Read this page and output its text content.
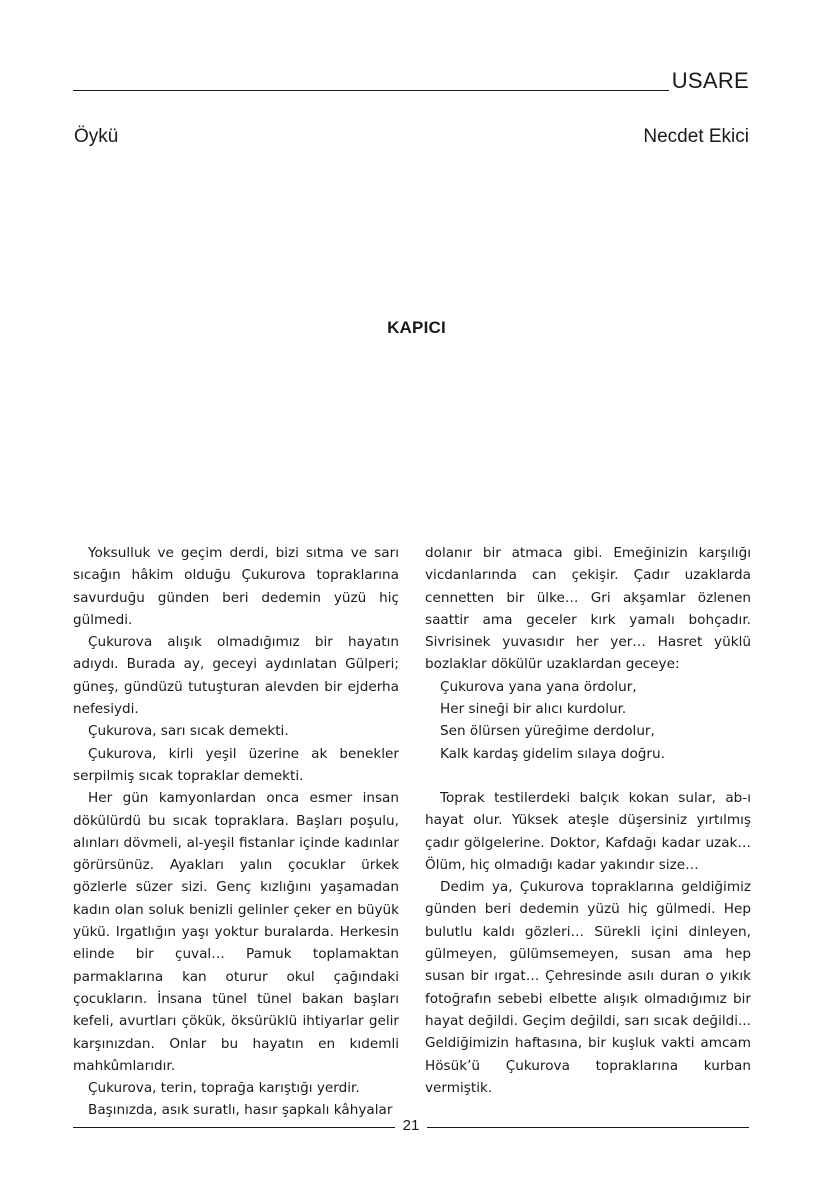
USARE
Öykü	Necdet Ekici
KAPICI

Yoksulluk ve geçim derdi, bizi sıtma ve sarı sıcağın hâkim olduğu Çukurova topraklarına savurduğu günden beri dedemin yüzü hiç gülmedi.

Çukurova alışık olmadığımız bir hayatın adıydı. Burada ay, geceyi aydınlatan Gülperi; güneş, gündüzü tutuşturan alevden bir ejderha nefesiydi.

Çukurova, sarı sıcak demekti.

Çukurova, kirli yeşil üzerine ak benekler serpilmiş sıcak topraklar demekti.

Her gün kamyonlardan onca esmer insan dökülürdü bu sıcak topraklara. Başları poşulu, alınları dövmeli, al-yeşil fistanlar içinde kadınlar görürsünüz. Ayakları yalın çocuklar ürkek gözlerle süzer sizi. Genç kızlığını yaşamadan kadın olan soluk benizli gelinler çeker en büyük yükü. Irgatlığın yaşı yoktur buralarda. Herkesin elinde bir çuval… Pamuk toplamaktan parmaklarına kan oturur okul çağındaki çocukların. İnsana tünel tünel bakan başları kefeli, avurtları çökük, öksürüklü ihtiyarlar gelir karşınızdan. Onlar bu hayatın en kıdemli mahkûmlarıdır.

Çukurova, terin, toprağa karıştığı yerdir.

Başınızda, asık suratlı, hasır şapkalı kâhyalar

dolanır bir atmaca gibi. Emeğinizin karşılığı vicdanlarında can çekişir. Çadır uzaklarda cennetten bir ülke… Gri akşamlar özlenen saattir ama geceler kırk yamalı bohçadır. Sivrisinek yuvasıdır her yer… Hasret yüklü bozlaklar dökülür uzaklardan geceye:

Çukurova yana yana ördolur,
Her sineği bir alıcı kurdolur.
Sen ölürsen yüreğime derdolur,
Kalk kardaş gidelim sılaya doğru.

Toprak testilerdeki balçık kokan sular, ab-ı hayat olur. Yüksek ateşle düşersiniz yırtılmış çadır gölgelerine. Doktor, Kafdağı kadar uzak… Ölüm, hiç olmadığı kadar yakındır size…

Dedim ya, Çukurova topraklarına geldiğimiz günden beri dedemin yüzü hiç gülmedi. Hep bulutlu kaldı gözleri… Sürekli içini dinleyen, gülmeyen, gülümsemeyen, susan ama hep susan bir ırgat… Çehresinde asılı duran o yıkık fotoğrafın sebebi elbette alışık olmadığımız bir hayat değildi. Geçim değildi, sarı sıcak değildi... Geldiğimizin haftasına, bir kuşluk vakti amcam Hösük’ü Çukurova topraklarına kurban vermiştik.

21
